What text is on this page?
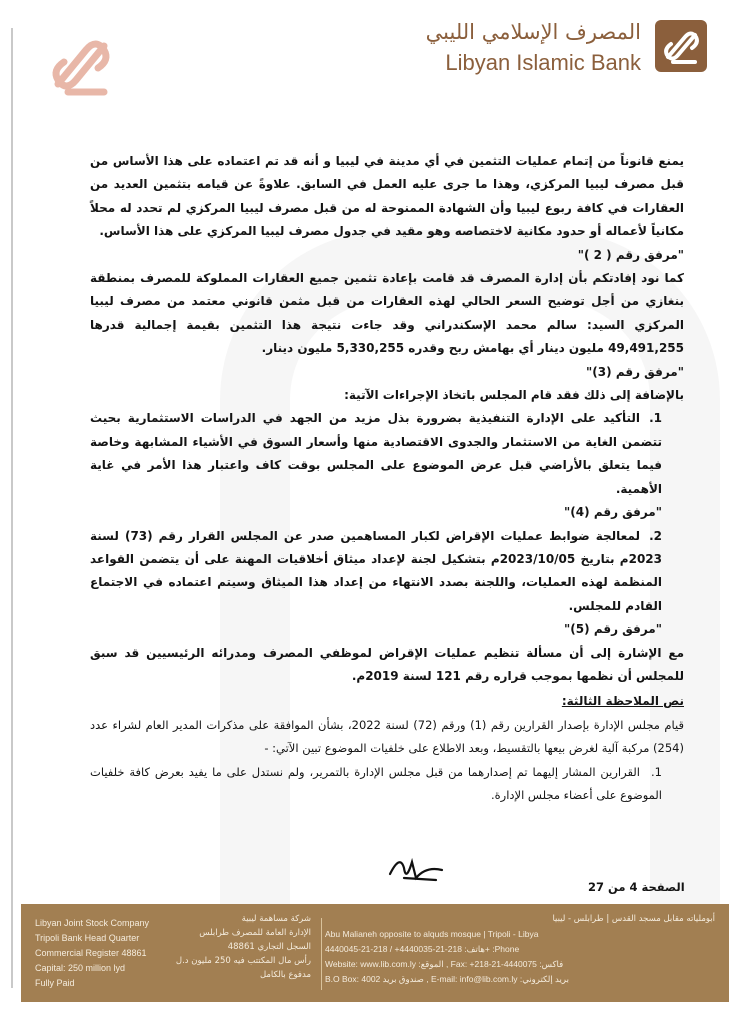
المصرف الإسلامي الليبي
Libyan Islamic Bank

يمنع قانوناً من إتمام عمليات التثمين في أي مدينة في ليبيا و أنه قد تم اعتماده على هذا الأساس من قبل مصرف ليبيا المركزي، وهذا ما جرى عليه العمل في السابق. علاوةً عن قيامه بتثمين العديد من العقارات في كافة ربوع ليبيا وأن الشهادة الممنوحة له من قبل مصرف ليبيا المركزي لم تحدد له محلاً مكانياً لأعماله أو حدود مكانية لاختصاصه وهو مقيد في جدول مصرف ليبيا المركزي على هذا الأساس.

"مرفق رقم ( 2 )"

كما نود إفادتكم بأن إدارة المصرف قد قامت بإعادة تثمين جميع العقارات المملوكة للمصرف بمنطقة بنغازي من أجل توضيح السعر الحالي لهذه العقارات من قبل مثمن قانوني معتمد من مصرف ليبيا المركزي السيد: سالم محمد الإسكندراني وقد جاءت نتيجة هذا التثمين بقيمة إجمالية قدرها 49,491,255 مليون دينار أي بهامش ربح وقدره 5,330,255 مليون دينار.

"مرفق رقم (3)"

بالإضافة إلى ذلك فقد قام المجلس باتخاذ الإجراءات الآتية:

1.التأكيد على الإدارة التنفيذية بضرورة بذل مزيد من الجهد في الدراسات الاستثمارية بحيث تتضمن الغاية من الاستثمار والجدوى الاقتصادية منها وأسعار السوق في الأشياء المشابهة وخاصة فيما يتعلق بالأراضي قبل عرض الموضوع على المجلس بوقت كاف واعتبار هذا الأمر في غاية الأهمية.

"مرفق رقم (4)"

2.لمعالجة ضوابط عمليات الإقراض لكبار المساهمين صدر عن المجلس القرار رقم (73) لسنة 2023م بتاريخ 2023/10/05م بتشكيل لجنة لإعداد ميثاق أخلاقيات المهنة على أن يتضمن القواعد المنظمة لهذه العمليات، واللجنة بصدد الانتهاء من إعداد هذا الميثاق وسيتم اعتماده في الاجتماع القادم للمجلس.

"مرفق رقم (5)"

مع الإشارة إلى أن مسألة تنظيم عمليات الإقراض لموظفي المصرف ومدرائه الرئيسيين قد سبق للمجلس أن نظمها بموجب قراره رقم 121 لسنة 2019م.

نص الملاحظة الثالثة:

قيام مجلس الإدارة بإصدار القرارين رقم (1) ورقم (72) لسنة 2022، بشأن الموافقة على مذكرات المدير العام لشراء عدد (254) مركبة آلية لغرض بيعها بالتقسيط، وبعد الاطلاع على خلفيات الموضوع تبين الآتي: -

1.القرارين المشار إليهما تم إصدارهما من قبل مجلس الإدارة بالتمرير، ولم نستدل على ما يفيد بعرض كافة خلفيات الموضوع على أعضاء مجلس الإدارة.

الصفحة 4 من 27
Libyan Joint Stock Company
Tripoli Bank Head Quarter
Commercial Register 48861
Capital: 250 million lyd
Fully Paid
شركة مساهمة ليبية
الإدارة العامة للمصرف طرابلس
السجل التجاري 48861
رأس مال المكتتب فيه 250 مليون د.ل
مدفوع بالكامل
أبوملياته مقابل مسجد القدس | طرابلس - ليبيا
Abu Malianeh opposite to alquds mosque | Tripoli - Libya
هاتف: 218-21-4440035+ / 218-21-4440045+ :Phone
Website: www.lib.com.ly :الموقع , Fax: +218-21-4440075 :فاكس
B.O Box: 4002 صندوق بريد , E-mail: info@lib.com.ly :بريد إلكتروني
